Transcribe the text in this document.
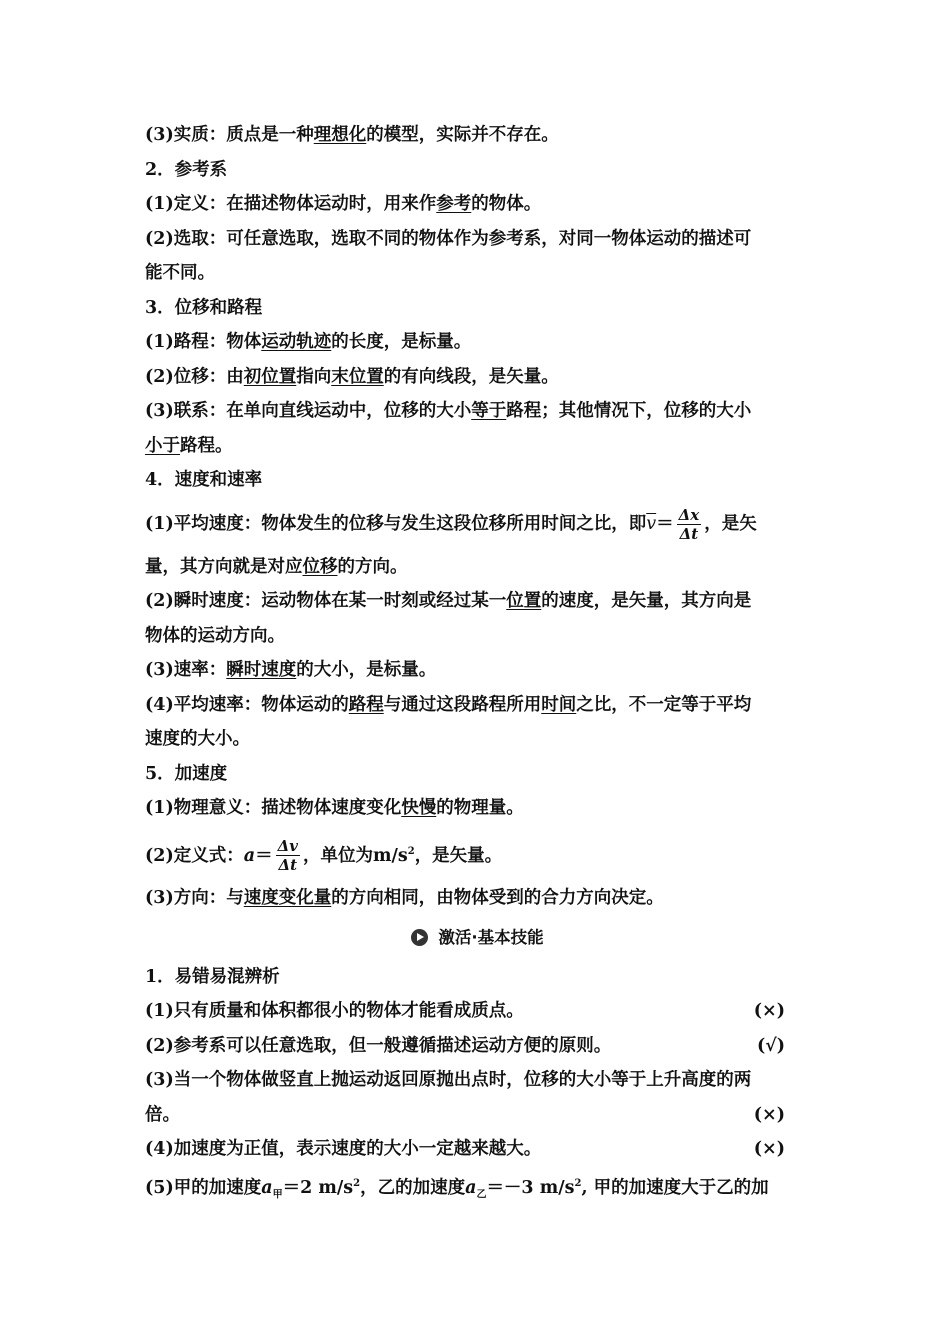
(3)实质：质点是一种理想化的模型，实际并不存在。
2．参考系
(1)定义：在描述物体运动时，用来作参考的物体。
(2)选取：可任意选取，选取不同的物体作为参考系，对同一物体运动的描述可
能不同。
3．位移和路程
(1)路程：物体运动轨迹的长度，是标量。
(2)位移：由初位置指向末位置的有向线段，是矢量。
(3)联系：在单向直线运动中，位移的大小等于路程；其他情况下，位移的大小
小于路程。
4．速度和速率
(1)平均速度：物体发生的位移与发生这段位移所用时间之比，即$\overline{v}= \frac{\Delta x}{\Delta t}$ ，是矢
量，其方向就是对应位移的方向。
(2)瞬时速度：运动物体在某一时刻或经过某一位置的速度，是矢量，其方向是
物体的运动方向。
(3)速率：瞬时速度的大小，是标量。
(4)平均速率：物体运动的路程与通过这段路程所用时间之比，不一定等于平均
速度的大小。
5．加速度
(1)物理意义：描述物体速度变化快慢的物理量。
(2)定义式：$a= \frac{\Delta v}{\Delta t}$ ，单位为$m/s^2$，是矢量。
(3)方向：与速度变化量的方向相同，由物体受到的合力方向决定。
激活·基本技能
1．易错易混辨析
(1)只有质量和体积都很小的物体才能看成质点。	(×)
(2)参考系可以任意选取，但一般遵循描述运动方便的原则。	(√)
(3)当一个物体做竖直上抛运动返回原抛出点时，位移的大小等于上升高度的两
倍。	(×)
(4)加速度为正值，表示速度的大小一定越来越大。	(×)
(5)甲的加速度$a_甲=2$ $m/s^2$，乙的加速度$a_乙=-3$ $m/s^2$, 甲的加速度大于乙的加
